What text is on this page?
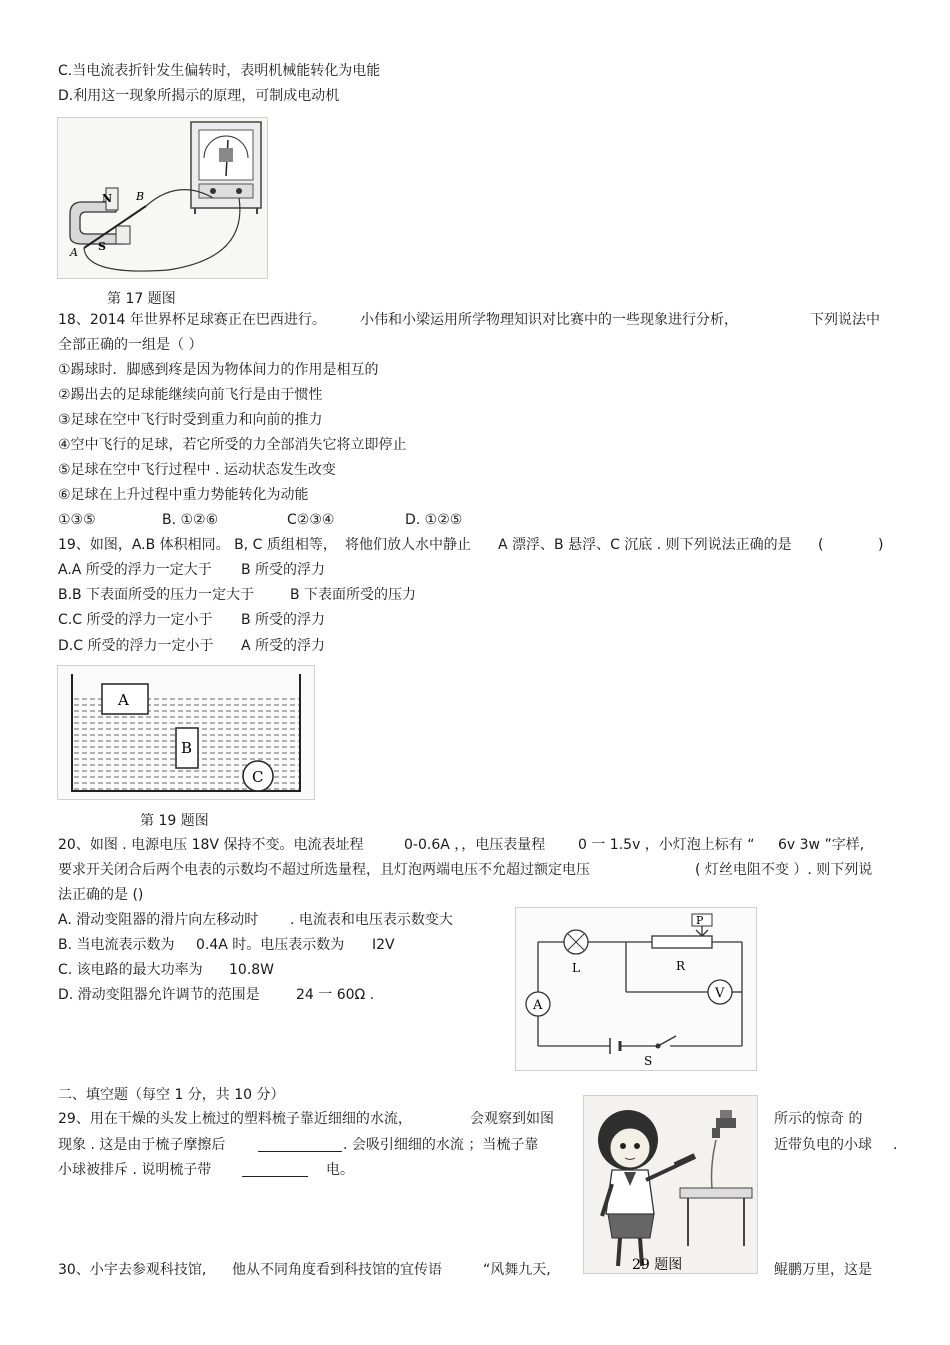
C.当电流表折针发生偏转时，表明机械能转化为电能
D.利用这一现象所揭示的原理，可制成电动机
N
S
A
B
第 17 题图
18、2014 年世界杯足球赛正在巴西进行。 小伟和小梁运用所学物理知识对比赛中的一些现象进行分析，	下列说法中
全部正确的一组是（ ）
①踢球时．脚感到疼是因为物体间力的作用是相互的
②踢出去的足球能继续向前飞行是由于惯性
③足球在空中飞行时受到重力和向前的推力
④空中飞行的足球，若它所受的力全部消失它将立即停止
⑤足球在空中飞行过程中 . 运动状态发生改变
⑥足球在上升过程中重力势能转化为动能
①③⑤	B. ①②⑥	C②③④	D. ①②⑤
19、如图，A.B 体积相同。 B, C 质组相等， 将他们放人水中静止 A 漂浮、B 悬浮、C 沉底 . 则下列说法正确的是 (	)
A.A 所受的浮力一定大于 B 所受的浮力
B.B 下表面所受的压力一定大于	B 下表面所受的压力
C.C 所受的浮力一定小于 B 所受的浮力
D.C 所受的浮力一定小于 A 所受的浮力
A
B
C
第 19 题图
20、如图 . 电源电压 18V 保持不变。电流表址程	0-0.6A ，，电压表量程 0 一 1.5v ，小灯泡上标有 “ 6v 3w ”字样,
要求开关闭合后两个电表的示数均不超过所选量程，且灯泡两端电压不允超过额定电压	( 灯丝电阻不变 ）. 则下列说
法正确的是 ()
A. 滑动变阻器的滑片向左移动时 . 电流表和电压表示数变大
B. 当电流表示数为 0.4A 时。电压表示数为 I2V
C. 该电路的最大功率为 10.8W
D. 滑动变阻器允许调节的范围是	24 一 60Ω .
P
L	R
A
V
S
二、填空题（每空 1 分，共 10 分）
29、用在干燥的头发上梳过的塑料梳子靠近细细的水流，	会观察到如图	所示的惊奇 的
现象 . 这是由于梳子摩擦后	. 会吸引细细的水流 ；当梳子靠	近带负电的小球 .
小球被排斥 . 说明梳子带	电。
29 题图
30、小宇去参观科技馆, 他从不同角度看到科技馆的宜传语	“风舞九天,	鲲鹏万里，这是
